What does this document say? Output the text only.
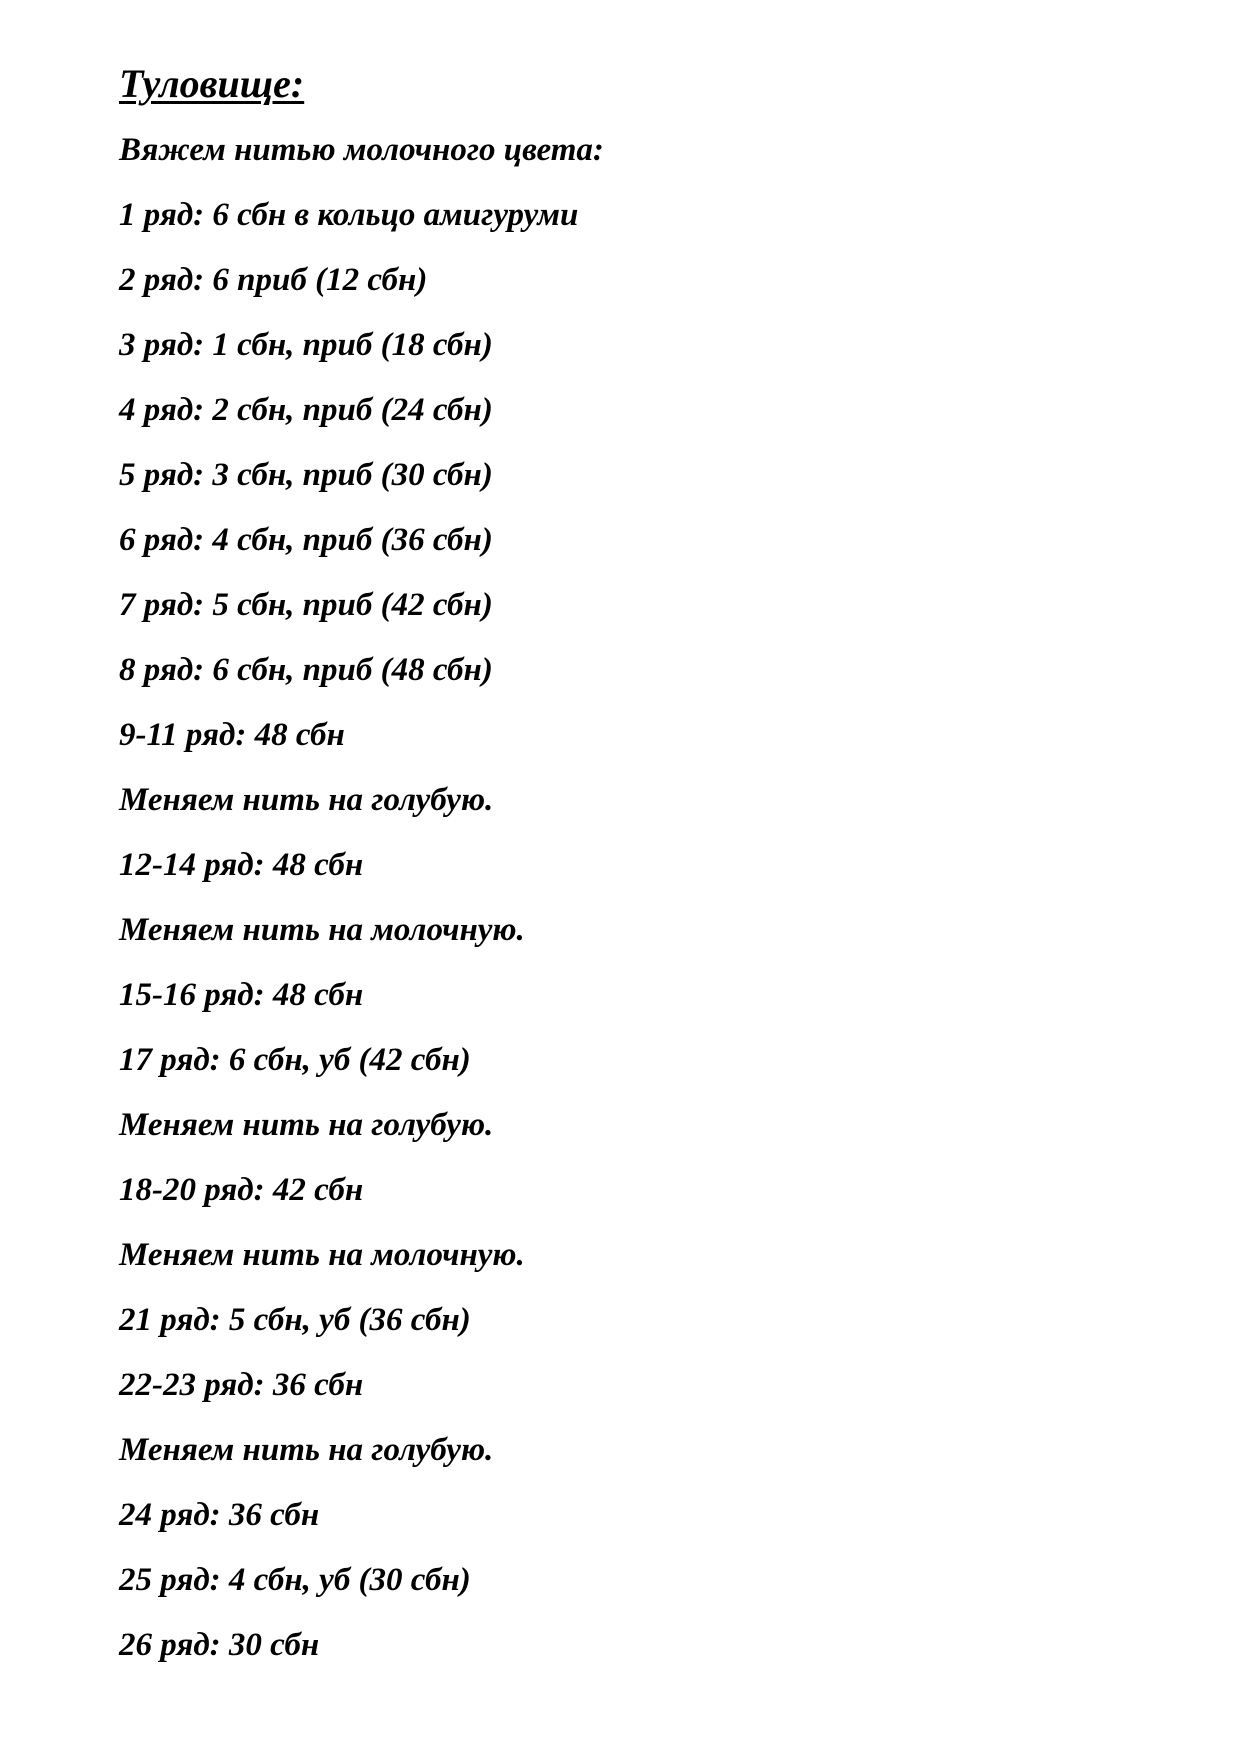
Туловище:
Вяжем нитью молочного цвета:
1 ряд: 6 сбн в кольцо амигуруми
2 ряд: 6 приб (12 сбн)
3 ряд: 1 сбн, приб (18 сбн)
4 ряд: 2 сбн, приб (24 сбн)
5 ряд: 3 сбн, приб (30 сбн)
6 ряд: 4 сбн, приб (36 сбн)
7 ряд: 5 сбн, приб (42 сбн)
8 ряд: 6 сбн, приб (48 сбн)
9-11 ряд: 48 сбн
Меняем нить на голубую.
12-14 ряд: 48 сбн
Меняем нить на молочную.
15-16 ряд: 48 сбн
17 ряд: 6 сбн, уб (42 сбн)
Меняем нить на голубую.
18-20 ряд: 42 сбн
Меняем нить на молочную.
21 ряд: 5 сбн, уб (36 сбн)
22-23 ряд: 36 сбн
Меняем нить на голубую.
24 ряд: 36 сбн
25 ряд: 4 сбн, уб (30 сбн)
26 ряд: 30 сбн
